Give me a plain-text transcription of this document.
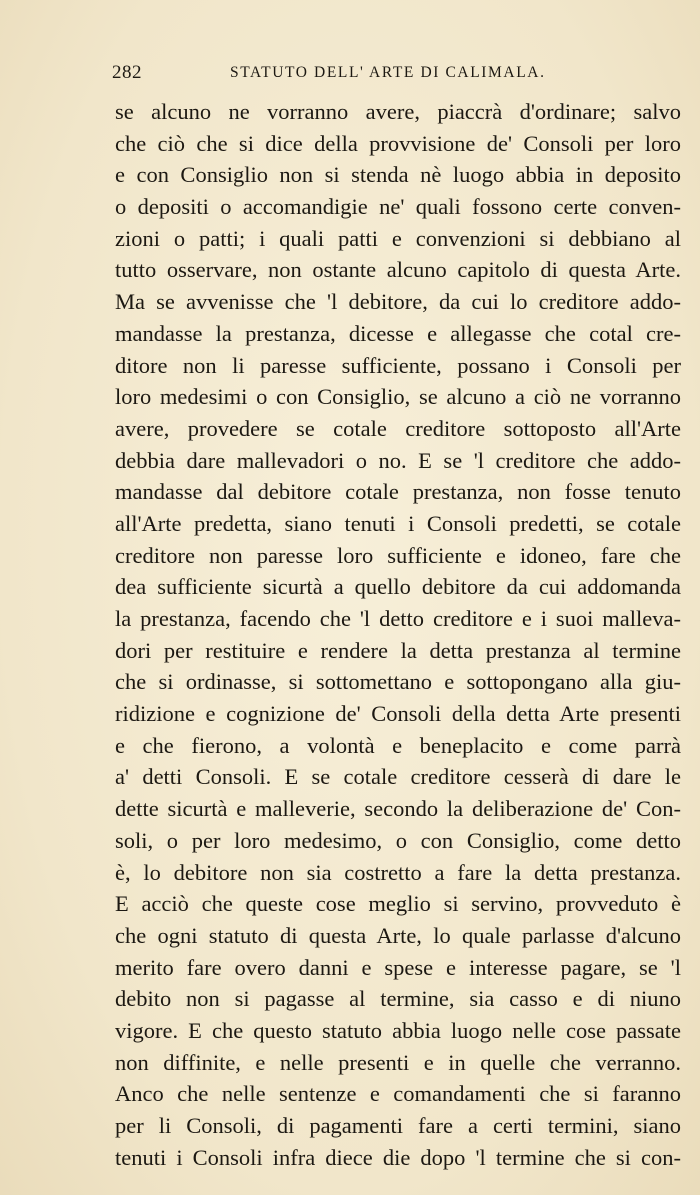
282	STATUTO DELL' ARTE DI CALIMALA.
se alcuno ne vorranno avere, piaccrà d'ordinare; salvo
che ciò che si dice della provvisione de' Consoli per loro
e con Consiglio non si stenda nè luogo abbia in deposito
o depositi o accomandigie ne' quali fossono certe conven-
zioni o patti; i quali patti e convenzioni si debbiano al
tutto osservare, non ostante alcuno capitolo di questa Arte.
Ma se avvenisse che 'l debitore, da cui lo creditore addo-
mandasse la prestanza, dicesse e allegasse che cotal cre-
ditore non li paresse sufficiente, possano i Consoli per
loro medesimi o con Consiglio, se alcuno a ciò ne vorranno
avere, provedere se cotale creditore sottoposto all'Arte
debbia dare mallevadori o no. E se 'l creditore che addo-
mandasse dal debitore cotale prestanza, non fosse tenuto
all'Arte predetta, siano tenuti i Consoli predetti, se cotale
creditore non paresse loro sufficiente e idoneo, fare che
dea sufficiente sicurtà a quello debitore da cui addomanda
la prestanza, facendo che 'l detto creditore e i suoi malleva-
dori per restituire e rendere la detta prestanza al termine
che si ordinasse, si sottomettano e sottopongano alla giu-
ridizione e cognizione de' Consoli della detta Arte presenti
e che fieronо, a volontà e beneplacito e come parrà
a' detti Consoli. E se cotale creditore cesserà di dare le
dette sicurtà e malleverie, secondo la deliberazione de' Con-
soli, o per loro medesimo, o con Consiglio, come detto
è, lo debitore non sia costretto a fare la detta prestanza.
E acciò che queste cose meglio si servino, provveduto è
che ogni statuto di questa Arte, lo quale parlasse d'alcuno
merito fare overo danni e spese e interesse pagare, se 'l
debito non si pagasse al termine, sia casso e di niuno
vigore. E che questo statuto abbia luogo nelle cose passate
non diffinite, e nelle presenti e in quelle che verranno.
Anco che nelle sentenze e comandamenti che si faranno
per li Consoli, di pagamenti fare a certi termini, siano
tenuti i Consoli infra diece die dopo 'l termine che si con-
